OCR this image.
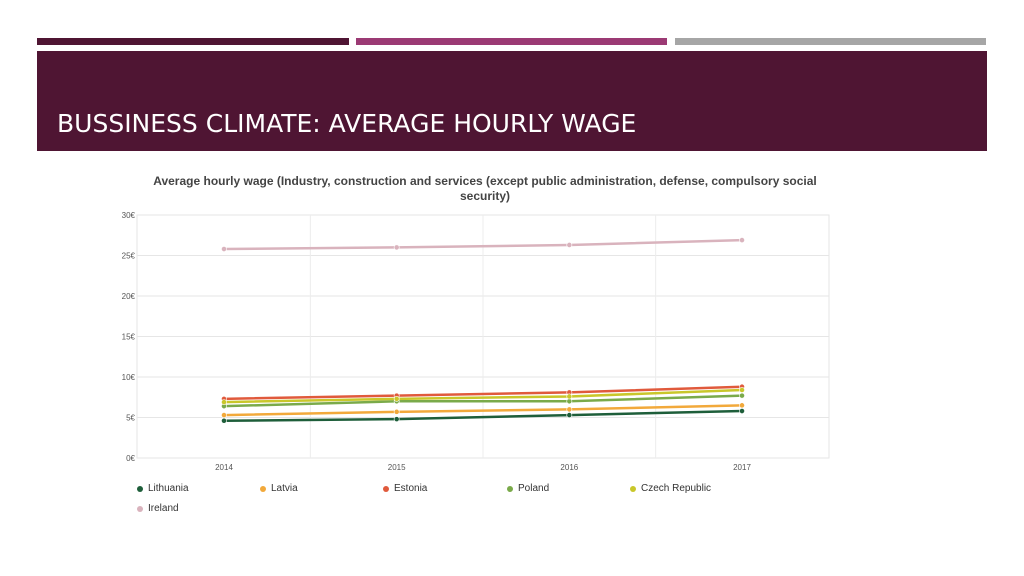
BUSSINESS CLIMATE: AVERAGE HOURLY WAGE
Average hourly wage (Industry, construction and services (except public administration, defense, compulsory social security)
0€
5€
10€
15€
20€
25€
30€
2014	2015	2016	2017
Lithuania	Latvia	Estonia	Poland	Czech Republic
Ireland
